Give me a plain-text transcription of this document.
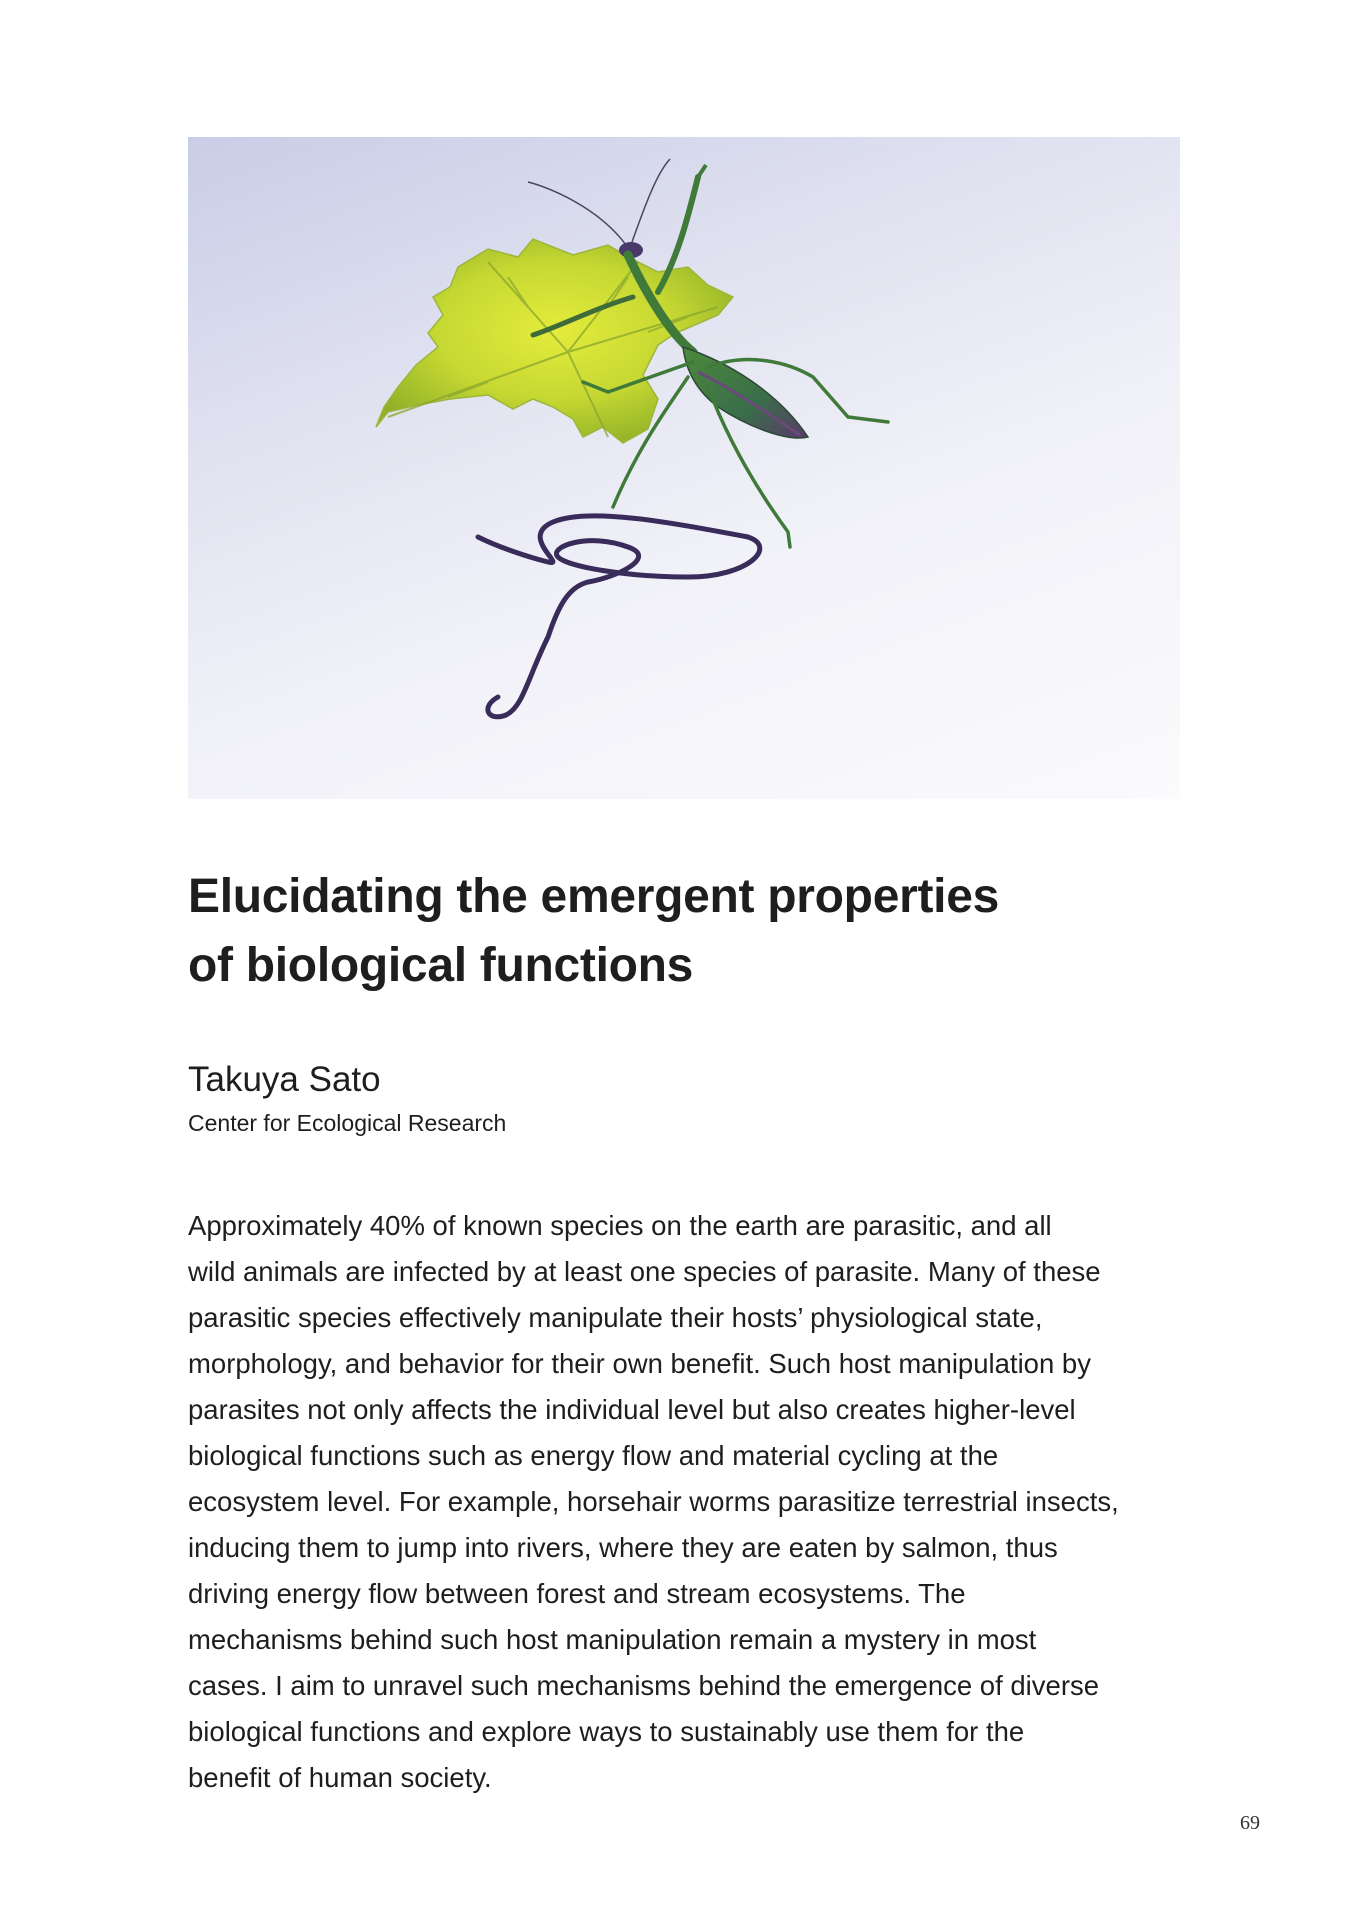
Elucidating the emergent properties
of biological functions

Takuya Sato

Center for Ecological Research

Approximately 40% of known species on the earth are parasitic, and all
wild animals are infected by at least one species of parasite. Many of these
parasitic species effectively manipulate their hosts’ physiological state,
morphology, and behavior for their own benefit. Such host manipulation by
parasites not only affects the individual level but also creates higher-level
biological functions such as energy flow and material cycling at the
ecosystem level. For example, horsehair worms parasitize terrestrial insects,
inducing them to jump into rivers, where they are eaten by salmon, thus
driving energy flow between forest and stream ecosystems. The
mechanisms behind such host manipulation remain a mystery in most
cases. I aim to unravel such mechanisms behind the emergence of diverse
biological functions and explore ways to sustainably use them for the
benefit of human society.
69
